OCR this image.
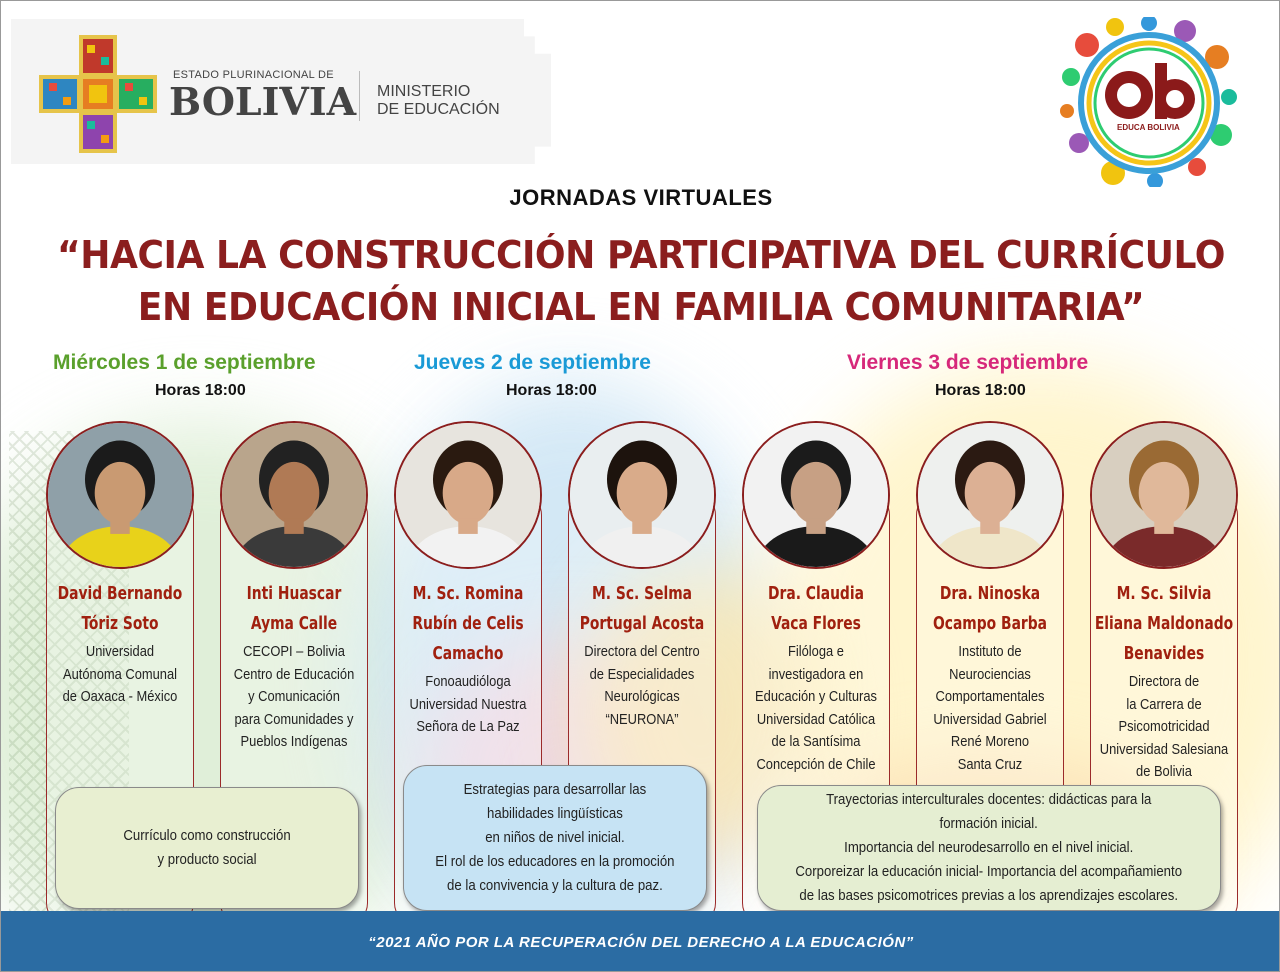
ESTADO PLURINACIONAL DE
BOLIVIA MINISTERIO
DE EDUCACIÓN
EDUCA BOLIVIA
JORNADAS VIRTUALES
“HACIA LA CONSTRUCCIÓN PARTICIPATIVA DEL CURRÍCULO
EN EDUCACIÓN INICIAL EN FAMILIA COMUNITARIA”
Miércoles 1 de septiembre
Horas 18:00
Jueves 2 de septiembre
Horas 18:00
Viernes 3 de septiembre
Horas 18:00
David Bernando
Tóriz Soto
Universidad
Autónoma Comunal
de Oaxaca - México
Inti Huascar
Ayma Calle
CECOPI – Bolivia
Centro de Educación
y Comunicación
para Comunidades y
Pueblos Indígenas
M. Sc. Romina
Rubín de Celis
Camacho
Fonoaudióloga
Universidad Nuestra
Señora de La Paz
M. Sc. Selma
Portugal Acosta
Directora del Centro
de Especialidades
Neurológicas
“NEURONA”
Dra. Claudia
Vaca Flores
Filóloga e
investigadora en
Educación y Culturas
Universidad Católica
de la Santísima
Concepción de Chile
Dra. Ninoska
Ocampo Barba
Instituto de
Neurociencias
Comportamentales
Universidad Gabriel
René Moreno
Santa Cruz
M. Sc. Silvia
Eliana Maldonado
Benavides
Directora de
la Carrera de
Psicomotricidad
Universidad Salesiana
de Bolivia
Currículo como construcción
y producto social
Estrategias para desarrollar las
habilidades lingüísticas
en niños de nivel inicial.
El rol de los educadores en la promoción
de la convivencia y la cultura de paz.
Trayectorias interculturales docentes: didácticas para la
formación inicial.
Importancia del neurodesarrollo en el nivel inicial.
Corporeizar la educación inicial- Importancia del acompañamiento
de las bases psicomotrices previas a los aprendizajes escolares.
“2021 AÑO POR LA RECUPERACIÓN DEL DERECHO A LA EDUCACIÓN”
